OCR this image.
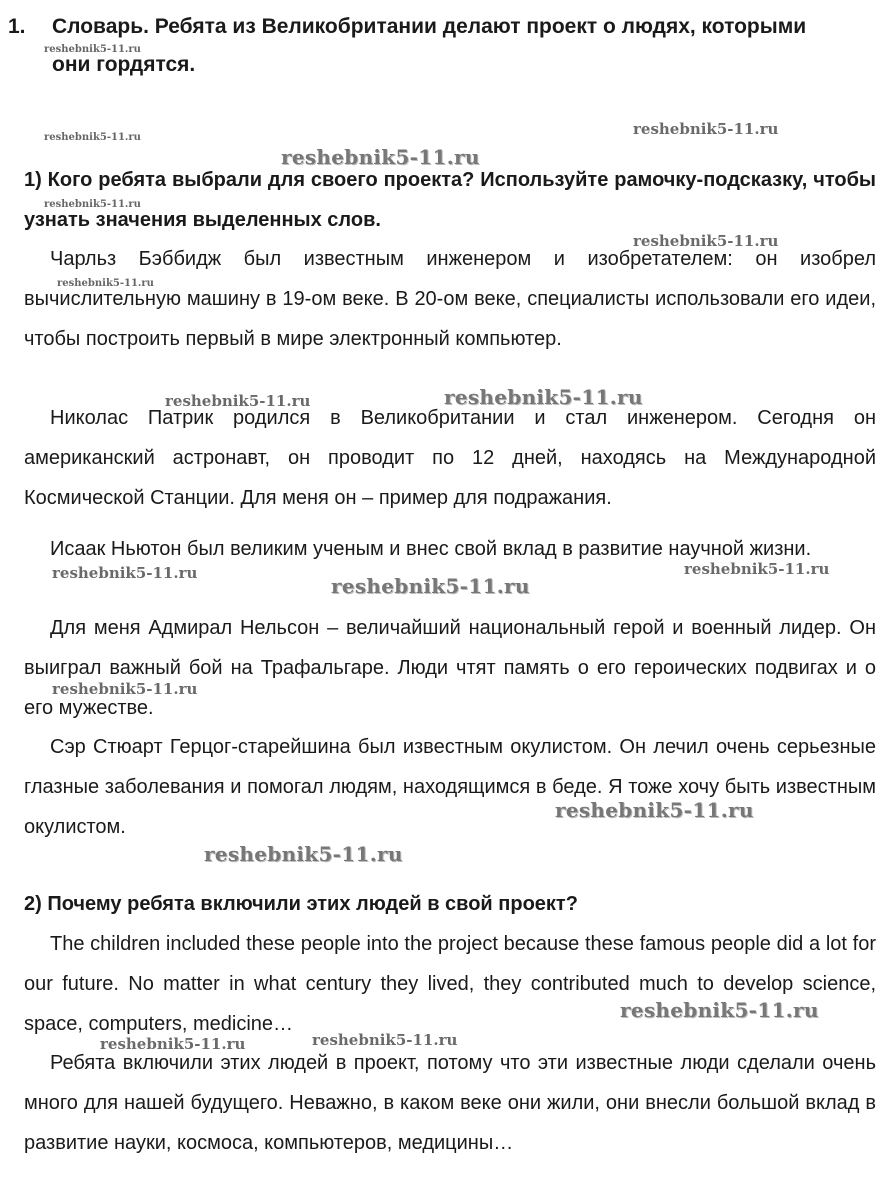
1. Словарь. Ребята из Великобритании делают проект о людях, которыми
они гордятся.
1) Кого ребята выбрали для своего проекта? Используйте рамочку-подсказку, чтобы узнать значения выделенных слов.
Чарльз Бэббидж был известным инженером и изобретателем: он изобрел вычислительную машину в 19-ом веке. В 20-ом веке, специалисты использовали его идеи, чтобы построить первый в мире электронный компьютер.
Николас Патрик родился в Великобритании и стал инженером. Сегодня он американский астронавт, он проводит по 12 дней, находясь на Международной Космической Станции. Для меня он – пример для подражания.
Исаак Ньютон был великим ученым и внес свой вклад в развитие научной жизни.
Для меня Адмирал Нельсон – величайший национальный герой и военный лидер. Он выиграл важный бой на Трафальгаре. Люди чтят память о его героических подвигах и о его мужестве.
Сэр Стюарт Герцог-старейшина был известным окулистом. Он лечил очень серьезные глазные заболевания и помогал людям, находящимся в беде. Я тоже хочу быть известным окулистом.
2) Почему ребята включили этих людей в свой проект?
The children included these people into the project because these famous people did a lot for our future. No matter in what century they lived, they contributed much to develop science, space, computers, medicine…
Ребята включили этих людей в проект, потому что эти известные люди сделали очень много для нашей будущего. Неважно, в каком веке они жили, они внесли большой вклад в развитие науки, космоса, компьютеров, медицины…
reshebnik5-11.ru
reshebnik5-11.ru	reshebnik5-11.ru
reshebnik5-11.ru
reshebnik5-11.ru
reshebnik5-11.ru
reshebnik5-11.ru
reshebnik5-11.ru	reshebnik5-11.ru
reshebnik5-11.ru
reshebnik5-11.ru
reshebnik5-11.ru
reshebnik5-11.ru
reshebnik5-11.ru
reshebnik5-11.ru
reshebnik5-11.ru
reshebnik5-11.ru	reshebnik5-11.ru
